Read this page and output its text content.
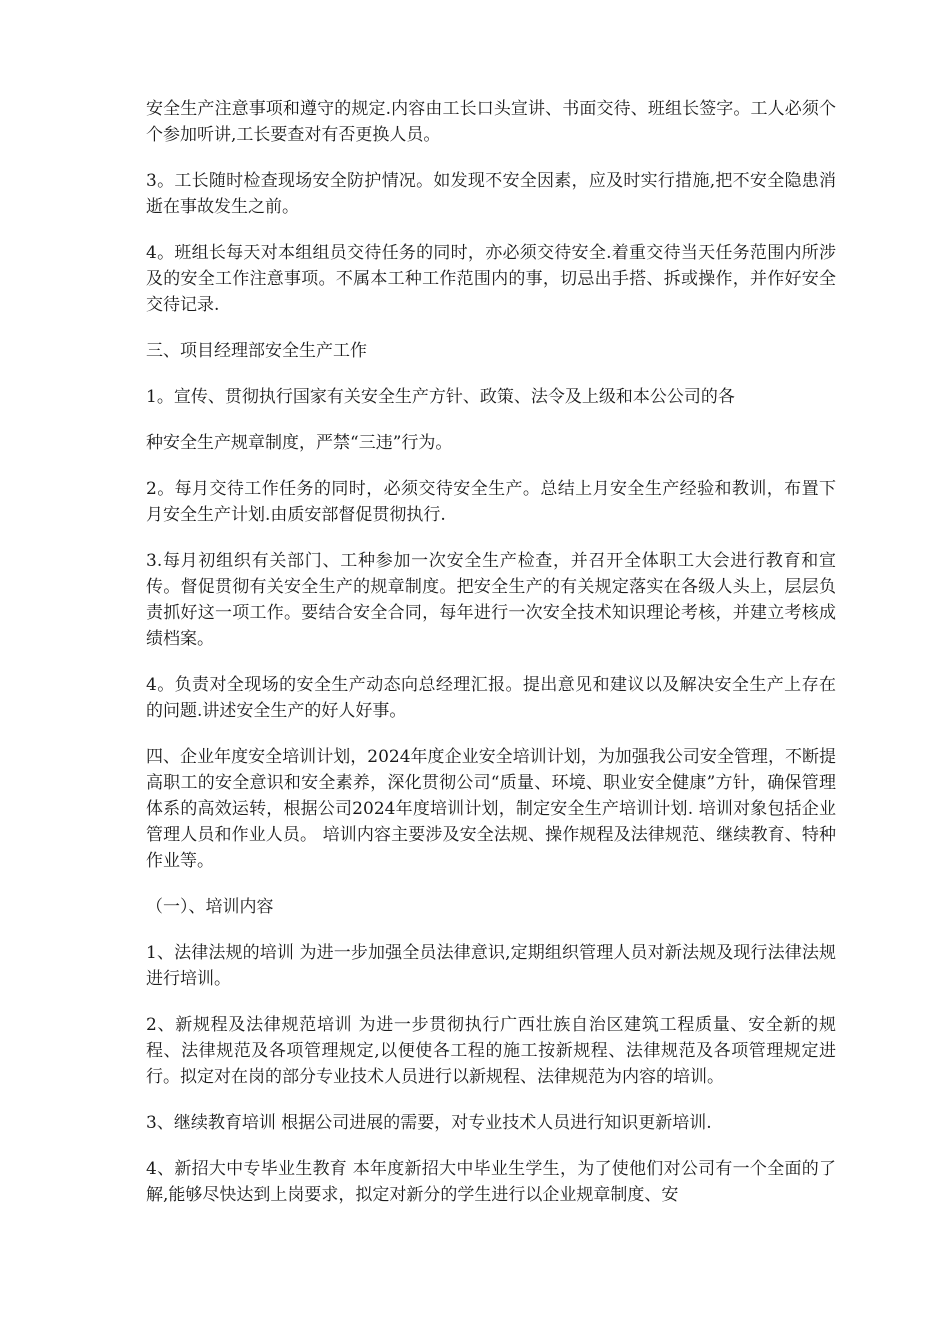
安全生产注意事项和遵守的规定.内容由工长口头宣讲、书面交待、班组长签字。工人必须个个参加听讲,工长要查对有否更换人员。

3。工长随时检查现场安全防护情况。如发现不安全因素，应及时实行措施,把不安全隐患消逝在事故发生之前。

4。班组长每天对本组组员交待任务的同时，亦必须交待安全.着重交待当天任务范围内所涉及的安全工作注意事项。不属本工种工作范围内的事，切忌出手搭、拆或操作，并作好安全交待记录.

三、项目经理部安全生产工作

1。宣传、贯彻执行国家有关安全生产方针、政策、法令及上级和本公公司的各

种安全生产规章制度，严禁“三违”行为。

2。每月交待工作任务的同时，必须交待安全生产。总结上月安全生产经验和教训，布置下月安全生产计划.由质安部督促贯彻执行.

3.每月初组织有关部门、工种参加一次安全生产检查，并召开全体职工大会进行教育和宣传。督促贯彻有关安全生产的规章制度。把安全生产的有关规定落实在各级人头上，层层负责抓好这一项工作。要结合安全合同，每年进行一次安全技术知识理论考核，并建立考核成绩档案。

4。负责对全现场的安全生产动态向总经理汇报。提出意见和建议以及解决安全生产上存在的问题.讲述安全生产的好人好事。

四、企业年度安全培训计划，2024年度企业安全培训计划，为加强我公司安全管理，不断提高职工的安全意识和安全素养，深化贯彻公司“质量、环境、职业安全健康”方针，确保管理体系的高效运转，根据公司2024年度培训计划，制定安全生产培训计划. 培训对象包括企业管理人员和作业人员。 培训内容主要涉及安全法规、操作规程及法律规范、继续教育、特种作业等。

（一）、培训内容

1、法律法规的培训 为进一步加强全员法律意识,定期组织管理人员对新法规及现行法律法规进行培训。

2、新规程及法律规范培训 为进一步贯彻执行广西壮族自治区建筑工程质量、安全新的规程、法律规范及各项管理规定,以便使各工程的施工按新规程、法律规范及各项管理规定进行。拟定对在岗的部分专业技术人员进行以新规程、法律规范为内容的培训。

3、继续教育培训 根据公司进展的需要，对专业技术人员进行知识更新培训.

4、新招大中专毕业生教育 本年度新招大中毕业生学生，为了使他们对公司有一个全面的了解,能够尽快达到上岗要求，拟定对新分的学生进行以企业规章制度、安
